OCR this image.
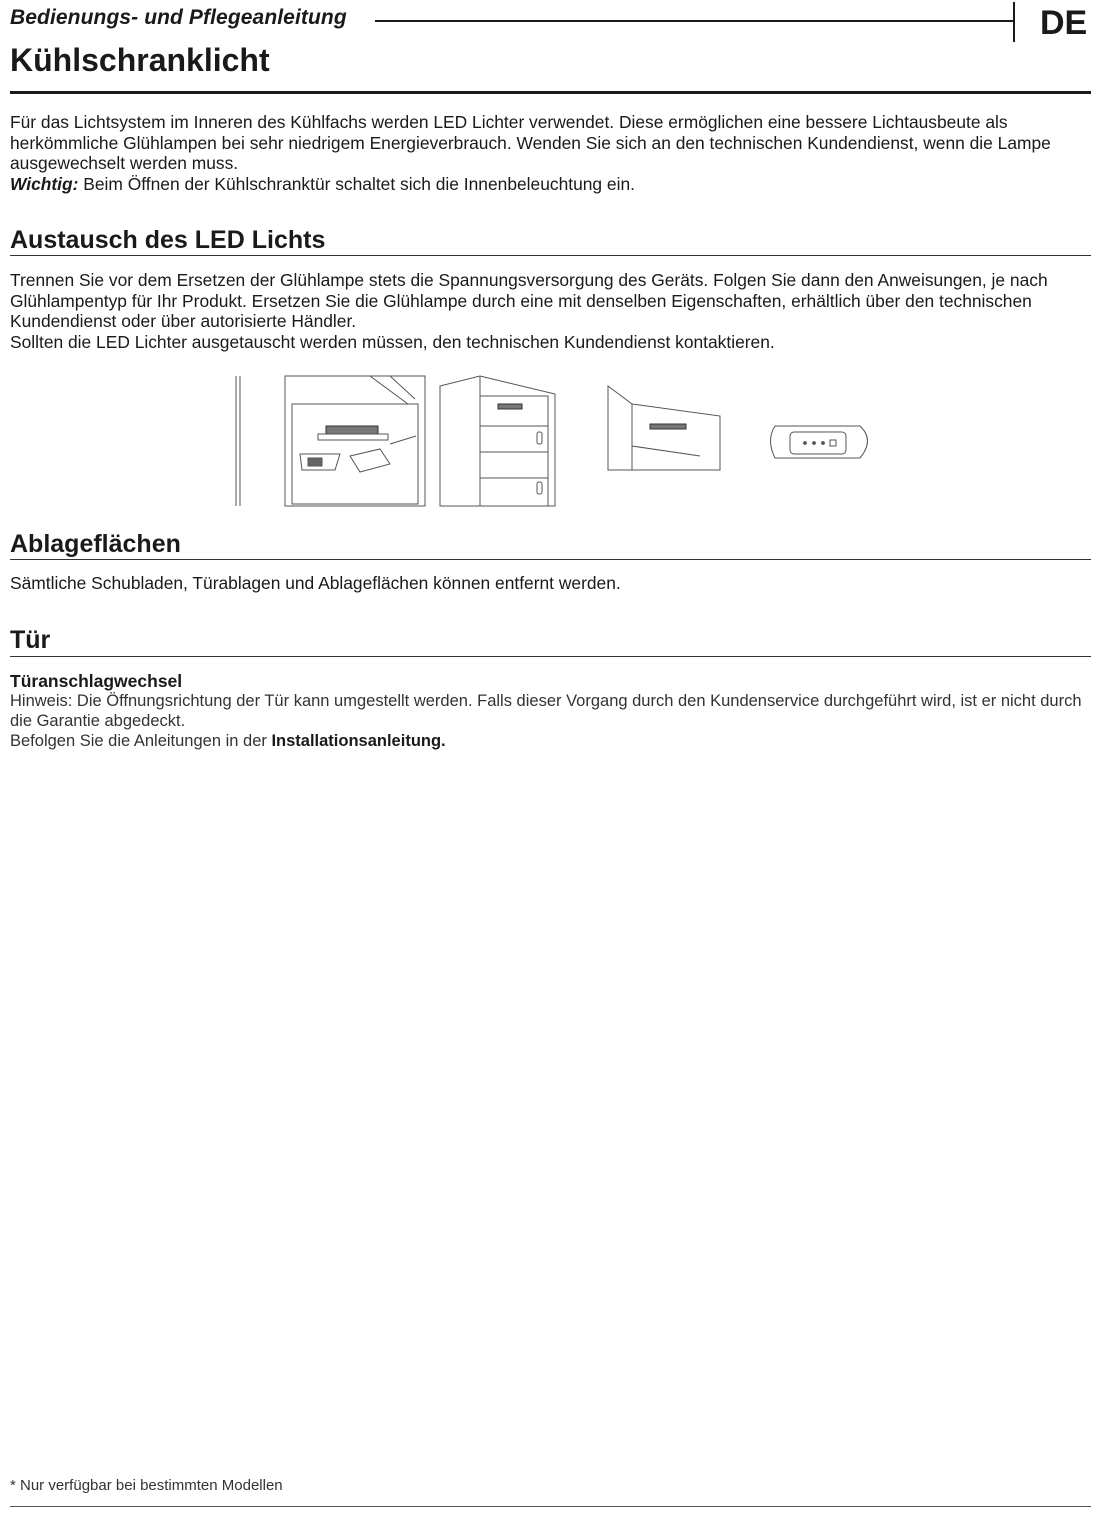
Bedienungs- und Pflegeanleitung	DE
Kühlschranklicht

Für das Lichtsystem im Inneren des Kühlfachs werden LED Lichter verwendet. Diese ermöglichen eine bessere Lichtausbeute als herkömmliche Glühlampen bei sehr niedrigem Energieverbrauch. Wenden Sie sich an den technischen Kundendienst, wenn die Lampe ausgewechselt werden muss.
Wichtig: Beim Öffnen der Kühlschranktür schaltet sich die Innenbeleuchtung ein.

Austausch des LED Lichts

Trennen Sie vor dem Ersetzen der Glühlampe stets die Spannungsversorgung des Geräts. Folgen Sie dann den Anweisungen, je nach Glühlampentyp für Ihr Produkt. Ersetzen Sie die Glühlampe durch eine mit denselben Eigenschaften, erhältlich über den technischen Kundendienst oder über autorisierte Händler.
Sollten die LED Lichter ausgetauscht werden müssen, den technischen Kundendienst kontaktieren.

Ablageflächen

Sämtliche Schubladen, Türablagen und Ablageflächen können entfernt werden.

Tür
Türanschlagwechsel
Hinweis: Die Öffnungsrichtung der Tür kann umgestellt werden. Falls dieser Vorgang durch den Kundenservice durchgeführt wird, ist er nicht durch die Garantie abgedeckt.
Befolgen Sie die Anleitungen in der Installationsanleitung.
* Nur verfügbar bei bestimmten Modellen
